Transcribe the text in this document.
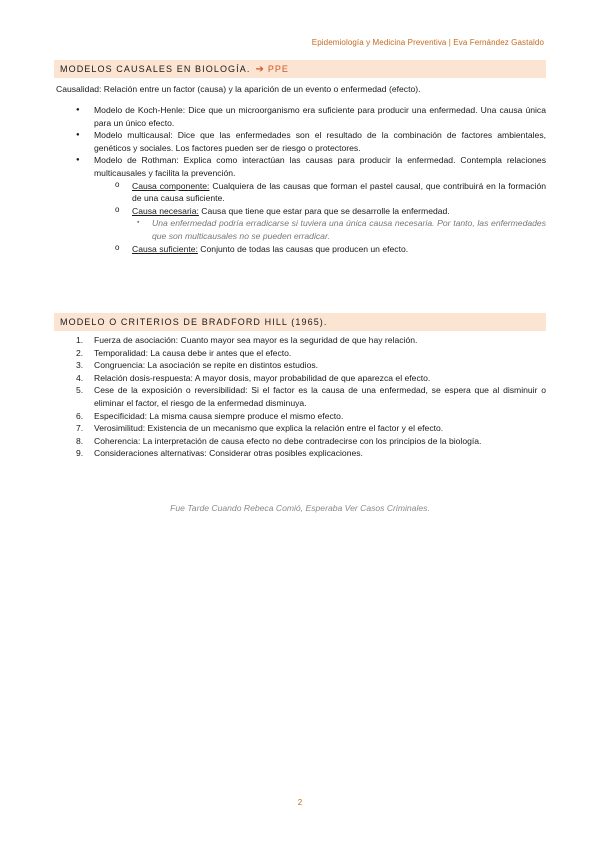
Epidemiología y Medicina Preventiva | Eva Fernández Gastaldo
MODELOS CAUSALES EN BIOLOGÍA. ➔ PPE
Causalidad: Relación entre un factor (causa) y la aparición de un evento o enfermedad (efecto).
● Modelo de Koch-Henle: Dice que un microorganismo era suficiente para producir una enfermedad. Una causa única para un único efecto.
● Modelo multicausal: Dice que las enfermedades son el resultado de la combinación de factores ambientales, genéticos y sociales. Los factores pueden ser de riesgo o protectores.
● Modelo de Rothman: Explica como interactúan las causas para producir la enfermedad. Contempla relaciones multicausales y facilita la prevención.
o Causa componente: Cualquiera de las causas que forman el pastel causal, que contribuirá en la formación de una causa suficiente.
o Causa necesaria: Causa que tiene que estar para que se desarrolle la enfermedad.
▪ Una enfermedad podría erradicarse si tuviera una única causa necesaria. Por tanto, las enfermedades que son multicausales no se pueden erradicar.
o Causa suficiente: Conjunto de todas las causas que producen un efecto.
MODELO O CRITERIOS DE BRADFORD HILL (1965).
1. Fuerza de asociación: Cuanto mayor sea mayor es la seguridad de que hay relación.
2. Temporalidad: La causa debe ir antes que el efecto.
3. Congruencia: La asociación se repite en distintos estudios.
4. Relación dosis-respuesta: A mayor dosis, mayor probabilidad de que aparezca el efecto.
5. Cese de la exposición o reversibilidad: Si el factor es la causa de una enfermedad, se espera que al disminuir o eliminar el factor, el riesgo de la enfermedad disminuya.
6. Especificidad: La misma causa siempre produce el mismo efecto.
7. Verosimilitud: Existencia de un mecanismo que explica la relación entre el factor y el efecto.
8. Coherencia: La interpretación de causa efecto no debe contradecirse con los principios de la biología.
9. Consideraciones alternativas: Considerar otras posibles explicaciones.
Fue Tarde Cuando Rebeca Comió, Esperaba Ver Casos Criminales.
2
